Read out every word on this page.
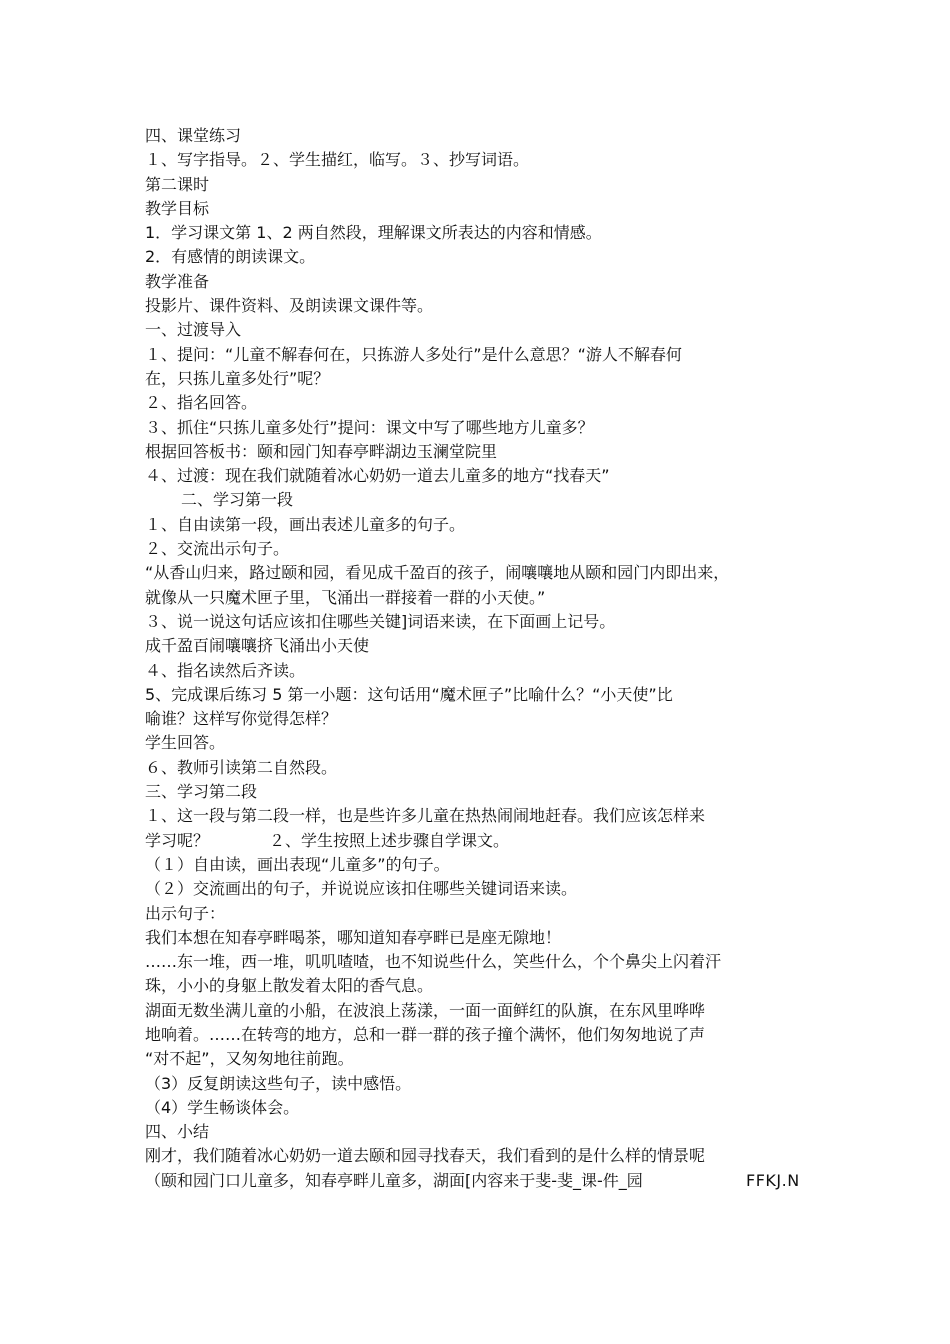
四、课堂练习
１、写字指导。２、学生描红，临写。３、抄写词语。
第二课时
教学目标
1．学习课文第 1、2 两自然段，理解课文所表达的内容和情感。
2．有感情的朗读课文。
教学准备
投影片、课件资料、及朗读课文课件等。
一、过渡导入
１、提问：“儿童不解春何在，只拣游人多处行”是什么意思？“游人不解春何
在，只拣儿童多处行”呢？
２、指名回答。
３、抓住“只拣儿童多处行”提问：课文中写了哪些地方儿童多？
根据回答板书：颐和园门知春亭畔湖边玉澜堂院里
４、过渡：现在我们就随着冰心奶奶一道去儿童多的地方“找春天”
二、学习第一段
１、自由读第一段，画出表述儿童多的句子。
２、交流出示句子。
“从香山归来，路过颐和园，看见成千盈百的孩子，闹嚷嚷地从颐和园门内即出来，
就像从一只魔术匣子里，飞涌出一群接着一群的小天使。”
３、说一说这句话应该扣住哪些关键]词语来读，在下面画上记号。
成千盈百闹嚷嚷挤飞涌出小天使
４、指名读然后齐读。
5、完成课后练习 5 第一小题：这句话用“魔术匣子”比喻什么？“小天使”比
喻谁？这样写你觉得怎样？
学生回答。
６、教师引读第二自然段。
三、学习第二段
１、这一段与第二段一样，也是些许多儿童在热热闹闹地赶春。我们应该怎样来
学习呢？	２、学生按照上述步骤自学课文。
（１）自由读，画出表现“儿童多”的句子。
（２）交流画出的句子，并说说应该扣住哪些关键词语来读。
出示句子：
我们本想在知春亭畔喝茶，哪知道知春亭畔已是座无隙地！
……东一堆，西一堆，叽叽喳喳，也不知说些什么，笑些什么，个个鼻尖上闪着汗
珠，小小的身躯上散发着太阳的香气息。
湖面无数坐满儿童的小船，在波浪上荡漾，一面一面鲜红的队旗，在东风里哗哗
地响着。……在转弯的地方，总和一群一群的孩子撞个满怀，他们匆匆地说了声
“对不起”，又匆匆地往前跑。
（3）反复朗读这些句子，读中感悟。
（4）学生畅谈体会。
四、小结
刚才，我们随着冰心奶奶一道去颐和园寻找春天，我们看到的是什么样的情景呢
（颐和园门口儿童多，知春亭畔儿童多，湖面[内容来于斐-斐_课-件_园	FFKJ.N
